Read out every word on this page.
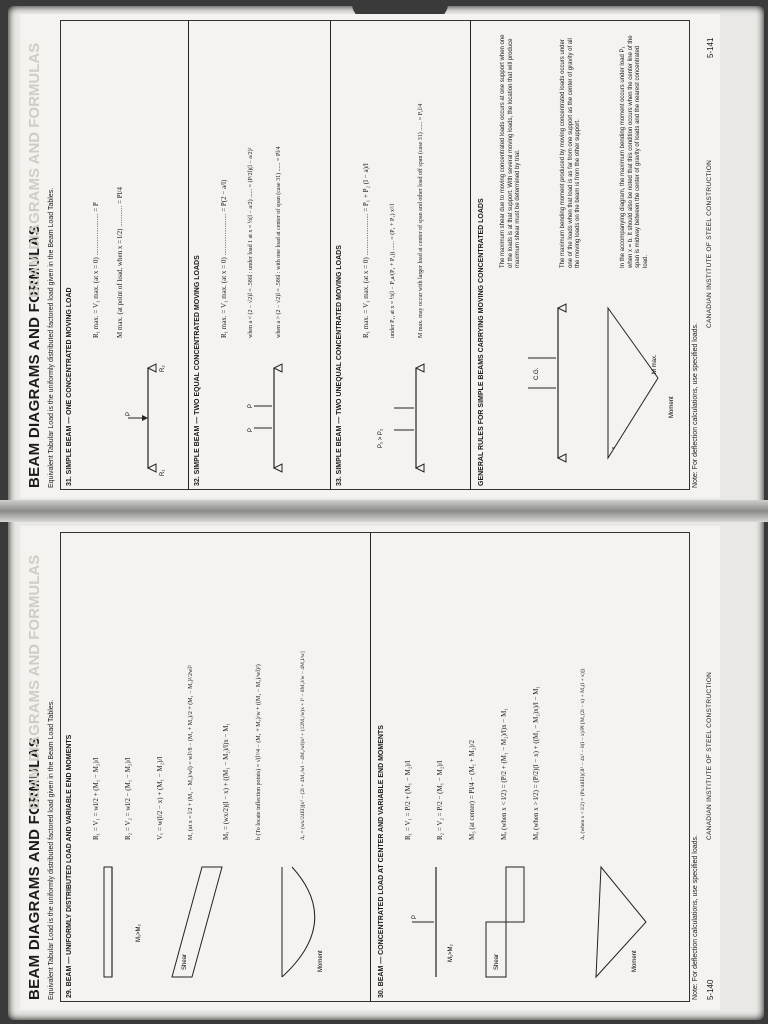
BEAM DIAGRAMS AND FORMULAS
BEAM DIAGRAMS AND FORMULAS
Equivalent Tabular Load is the uniformly distributed factored load given in the Beam Load Tables. 31. SIMPLE BEAM — ONE CONCENTRATED MOVING LOAD
R₁ max. = V₁ max. (at x = 0) ........................ = P M max. (at point of load, when x = l/2) ............ = Pl/4
P
R₁
R₂	32. SIMPLE BEAM — TWO EQUAL CONCENTRATED MOVING LOADS	R₁ max. = V₁ max. (at x = 0) ........................ = P(2 − a/l)	when a < (2 − √2)l = .586l : under load 1 at x = ½(l − a/2) ...... = (P/2l)(l − a/2)²	when a > (2 − √2)l = .586l : with one load at center of span (case 31) ...... = Pl/4
P
P	33. SIMPLE BEAM — TWO UNEQUAL CONCENTRATED MOVING LOADS	R₁ max. = V₁ max. (at x = 0) ........................ = P₁ + P₂ (l − a)/l	under P₁, at x = ½(l − P₂a/(P₁ + P₂)) ...... = (P₁ + P₂) x²/l	M max. may occur with larger load at center of span and other load off span (case 31) ...... = P₁l/4
P₁ > P₂	GENERAL RULES FOR SIMPLE BEAMS CARRYING MOVING CONCENTRATED LOADS
The maximum shear due to moving concentrated loads occurs at one support when one of the loads is at that support. With several moving loads, the location that will produce maximum shear must be determined by trial.	The maximum bending moment produced by moving concentrated loads occurs under one of the loads when that load is as far from one support as the center of gravity of all the moving loads on the beam is from the other support.	In the accompanying diagram, the maximum bending moment occurs under load P₁ when x = b. It should also be noted that this condition occurs when the center line of the span is midway between the center of gravity of loads and the nearest concentrated load.
C.G.
Moment
M max.	Note: For deflection calculations, use specified loads.
CANADIAN INSTITUTE OF STEEL CONSTRUCTION
5-141
BEAM DIAGRAMS AND FORMULAS
BEAM DIAGRAMS AND FORMULAS
Equivalent Tabular Load is the uniformly distributed factored load given in the Beam Load Tables. 29. BEAM — UNIFORMLY DISTRIBUTED LOAD AND VARIABLE END MOMENTS	R₁ = V₁ = wl/2 + (M₁ − M₂)/l	R₂ = V₂ = wl/2 − (M₁ − M₂)/l	Vₓ = w(l/2 − x) + (M₁ − M₂)/l	M₃ (at x = l/2 + (M₁ − M₂)/wl) = wl²/8 − (M₁ + M₂)/2 + (M₁ − M₂)²/2wl²	Mₓ = (wx/2)(l − x) + ((M₁ − M₂)/l)x − M₁	b (To locate inflection points) = √(l²/4 − (M₁ + M₂)/w + ((M₁ − M₂)/wl)²)	Δₓ = (wx/24EI)[x³ − (2l + 4M₁/wl − 4M₂/wl)x² + (12M₁/w)x + l³ − 8M₁l/w − 4M₂l/w]
M₁>M₂
Shear	Moment	30. BEAM — CONCENTRATED LOAD AT CENTER AND VARIABLE END MOMENTS	R₁ = V₁ = P/2 + (M₁ − M₂)/l	R₂ = V₂ = P/2 − (M₁ − M₂)/l	M₃ (at center) = Pl/4 − (M₁ + M₂)/2	Mₓ (when x < l/2) = (P/2 + (M₁ − M₂)/l)x − M₁	Mₓ (when x > l/2) = (P/2)(l − x) + ((M₁ − M₂)x)/l − M₁	Δₓ (when x < l/2) = (Px/48EI)(3l² − 4x² − 8(l − x)/Pl [M₁(2l − x) + M₂(l + x)])
P
M₁>M₂	Shear	Moment	Note: For deflection calculations, use specified loads. 5-140
CANADIAN INSTITUTE OF STEEL CONSTRUCTION
